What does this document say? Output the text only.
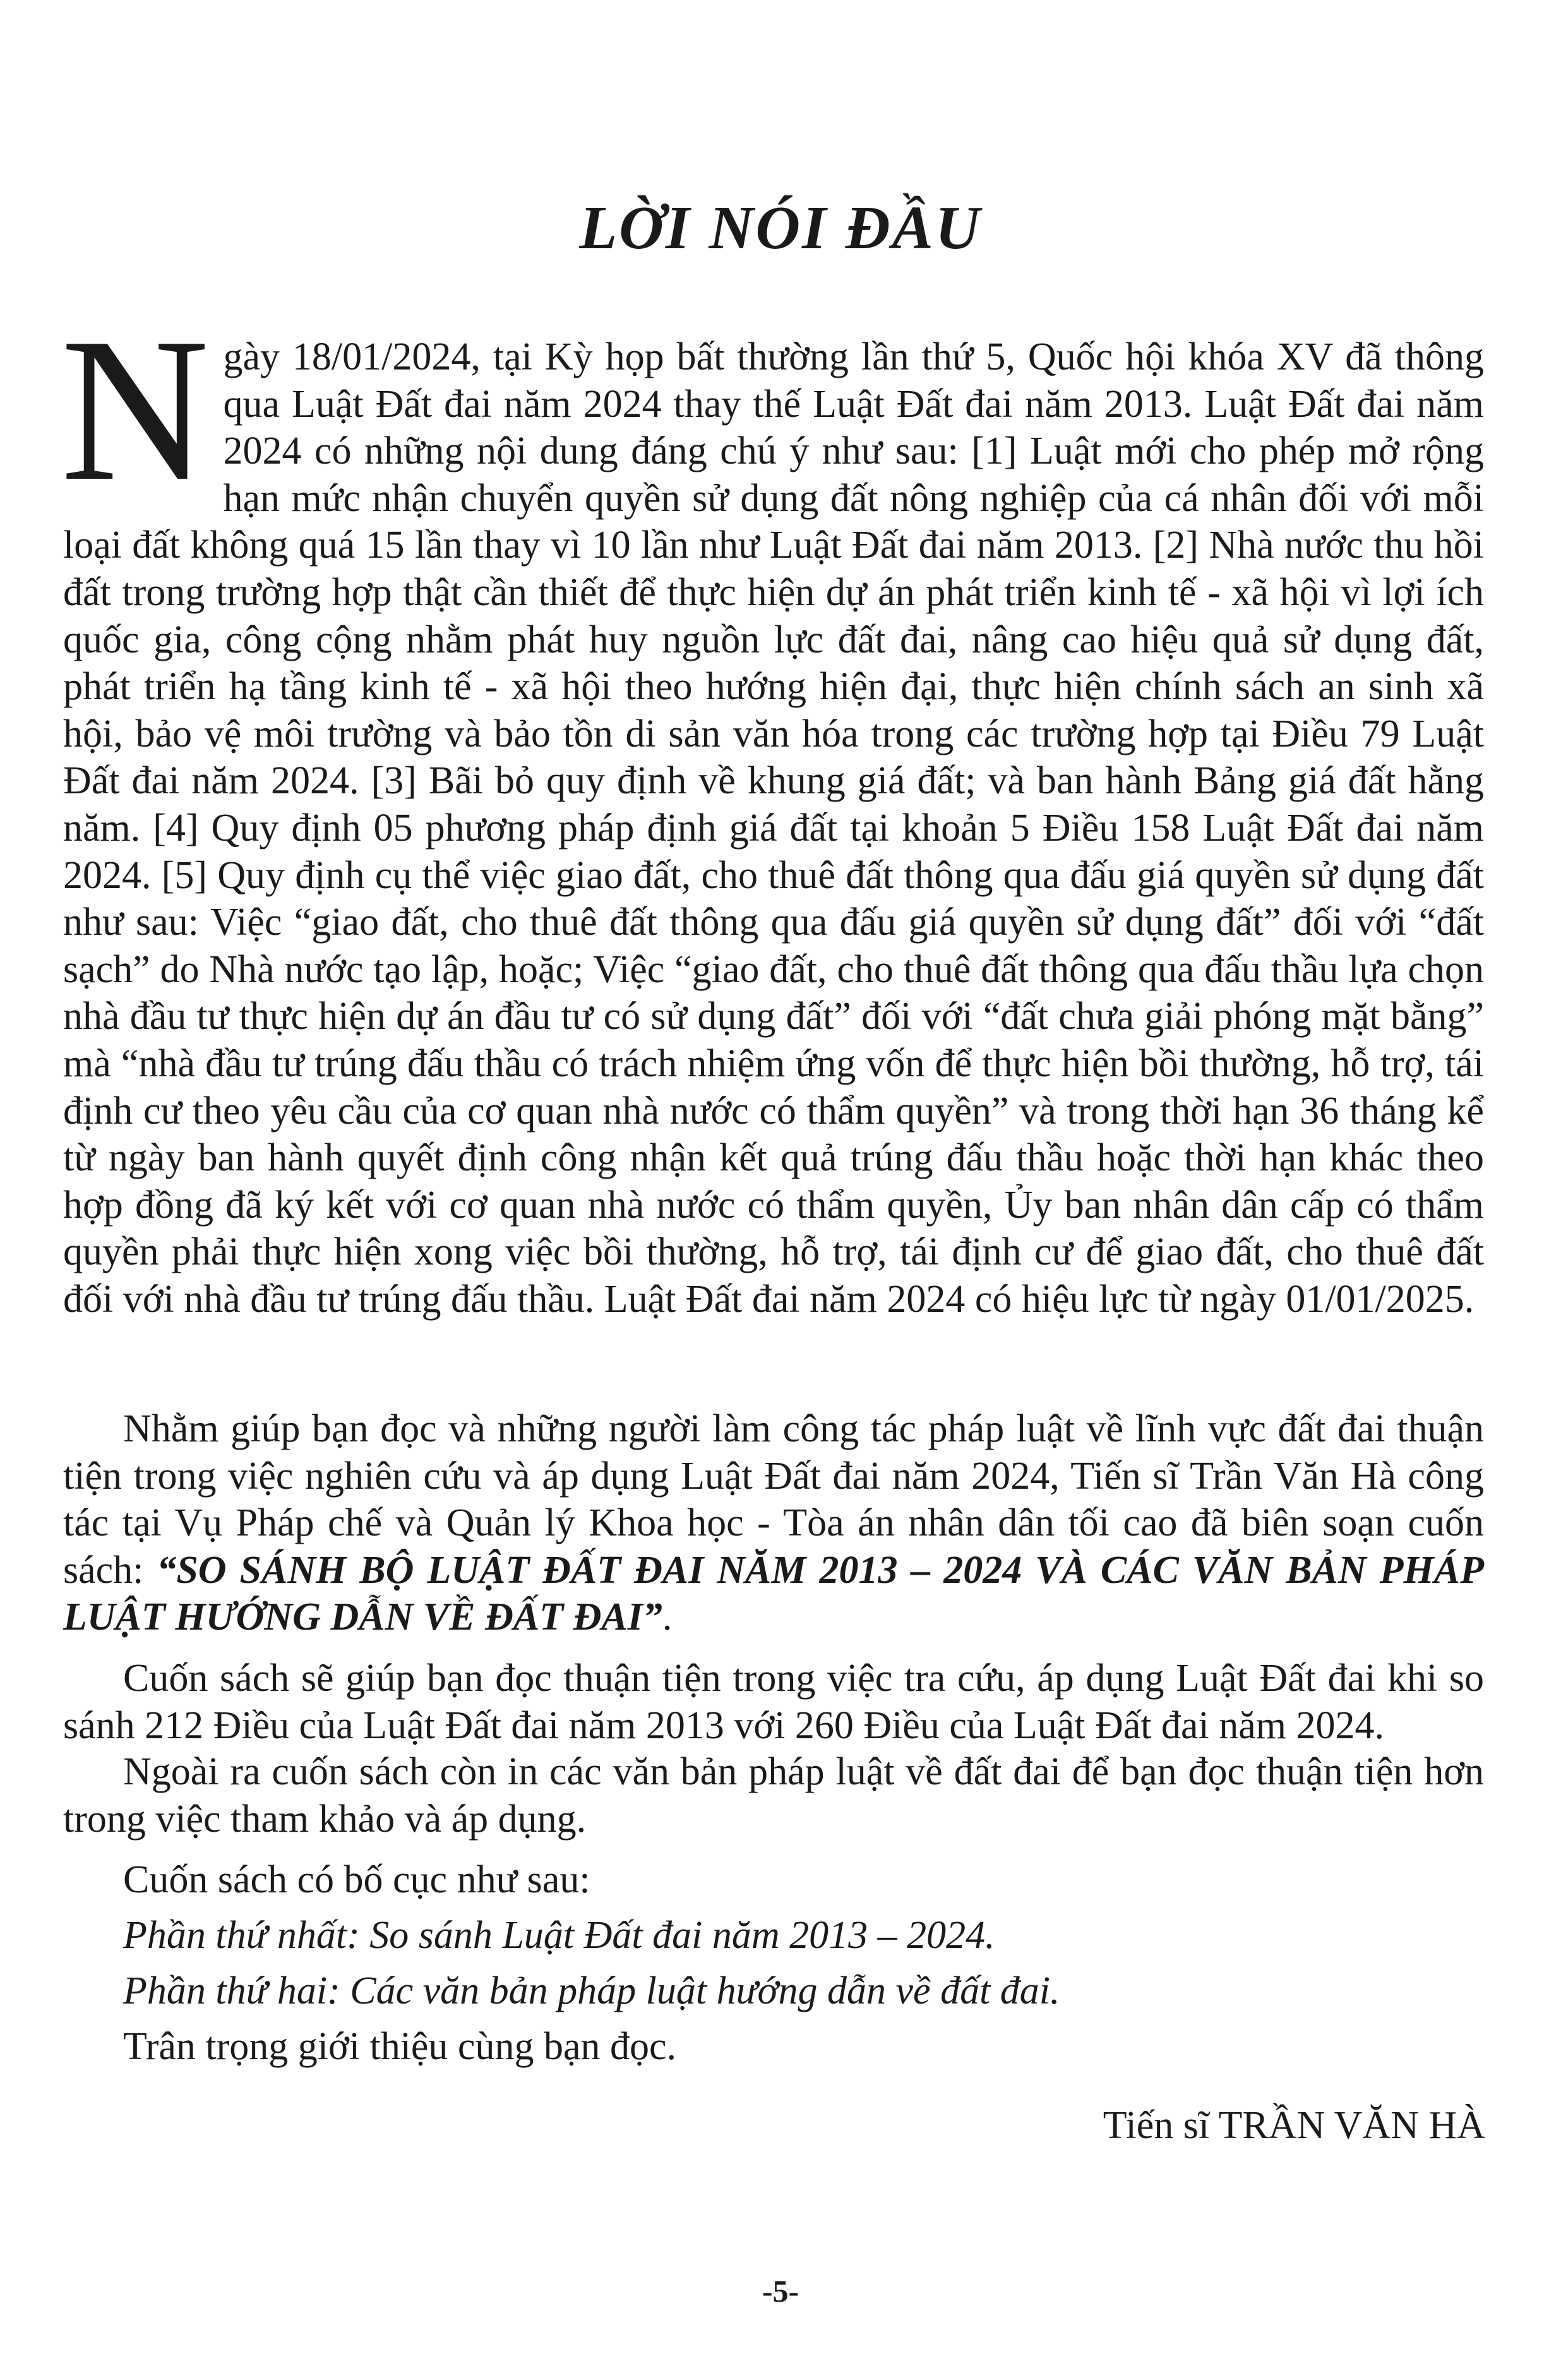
LỜI NÓI ĐẦU
Ngày 18/01/2024, tại Kỳ họp bất thường lần thứ 5, Quốc hội khóa XV đã thông qua Luật Đất đai năm 2024 thay thế Luật Đất đai năm 2013. Luật Đất đai năm 2024 có những nội dung đáng chú ý như sau: [1] Luật mới cho phép mở rộng hạn mức nhận chuyển quyền sử dụng đất nông nghiệp của cá nhân đối với mỗi loại đất không quá 15 lần thay vì 10 lần như Luật Đất đai năm 2013. [2] Nhà nước thu hồi đất trong trường hợp thật cần thiết để thực hiện dự án phát triển kinh tế - xã hội vì lợi ích quốc gia, công cộng nhằm phát huy nguồn lực đất đai, nâng cao hiệu quả sử dụng đất, phát triển hạ tầng kinh tế - xã hội theo hướng hiện đại, thực hiện chính sách an sinh xã hội, bảo vệ môi trường và bảo tồn di sản văn hóa trong các trường hợp tại Điều 79 Luật Đất đai năm 2024. [3] Bãi bỏ quy định về khung giá đất; và ban hành Bảng giá đất hằng năm. [4] Quy định 05 phương pháp định giá đất tại khoản 5 Điều 158 Luật Đất đai năm 2024. [5] Quy định cụ thể việc giao đất, cho thuê đất thông qua đấu giá quyền sử dụng đất như sau: Việc “giao đất, cho thuê đất thông qua đấu giá quyền sử dụng đất” đối với “đất sạch” do Nhà nước tạo lập, hoặc; Việc “giao đất, cho thuê đất thông qua đấu thầu lựa chọn nhà đầu tư thực hiện dự án đầu tư có sử dụng đất” đối với “đất chưa giải phóng mặt bằng” mà “nhà đầu tư trúng đấu thầu có trách nhiệm ứng vốn để thực hiện bồi thường, hỗ trợ, tái định cư theo yêu cầu của cơ quan nhà nước có thẩm quyền” và trong thời hạn 36 tháng kể từ ngày ban hành quyết định công nhận kết quả trúng đấu thầu hoặc thời hạn khác theo hợp đồng đã ký kết với cơ quan nhà nước có thẩm quyền, Ủy ban nhân dân cấp có thẩm quyền phải thực hiện xong việc bồi thường, hỗ trợ, tái định cư để giao đất, cho thuê đất đối với nhà đầu tư trúng đấu thầu. Luật Đất đai năm 2024 có hiệu lực từ ngày 01/01/2025.
Nhằm giúp bạn đọc và những người làm công tác pháp luật về lĩnh vực đất đai thuận tiện trong việc nghiên cứu và áp dụng Luật Đất đai năm 2024, Tiến sĩ Trần Văn Hà công tác tại Vụ Pháp chế và Quản lý Khoa học - Tòa án nhân dân tối cao đã biên soạn cuốn sách: “SO SÁNH BỘ LUẬT ĐẤT ĐAI NĂM 2013 – 2024 VÀ CÁC VĂN BẢN PHÁP LUẬT HƯỚNG DẪN VỀ ĐẤT ĐAI”.
Cuốn sách sẽ giúp bạn đọc thuận tiện trong việc tra cứu, áp dụng Luật Đất đai khi so sánh 212 Điều của Luật Đất đai năm 2013 với 260 Điều của Luật Đất đai năm 2024.
Ngoài ra cuốn sách còn in các văn bản pháp luật về đất đai để bạn đọc thuận tiện hơn trong việc tham khảo và áp dụng.
Cuốn sách có bố cục như sau:
Phần thứ nhất: So sánh Luật Đất đai năm 2013 – 2024.
Phần thứ hai: Các văn bản pháp luật hướng dẫn về đất đai.
Trân trọng giới thiệu cùng bạn đọc.
Tiến sĩ TRẦN VĂN HÀ
-5-
